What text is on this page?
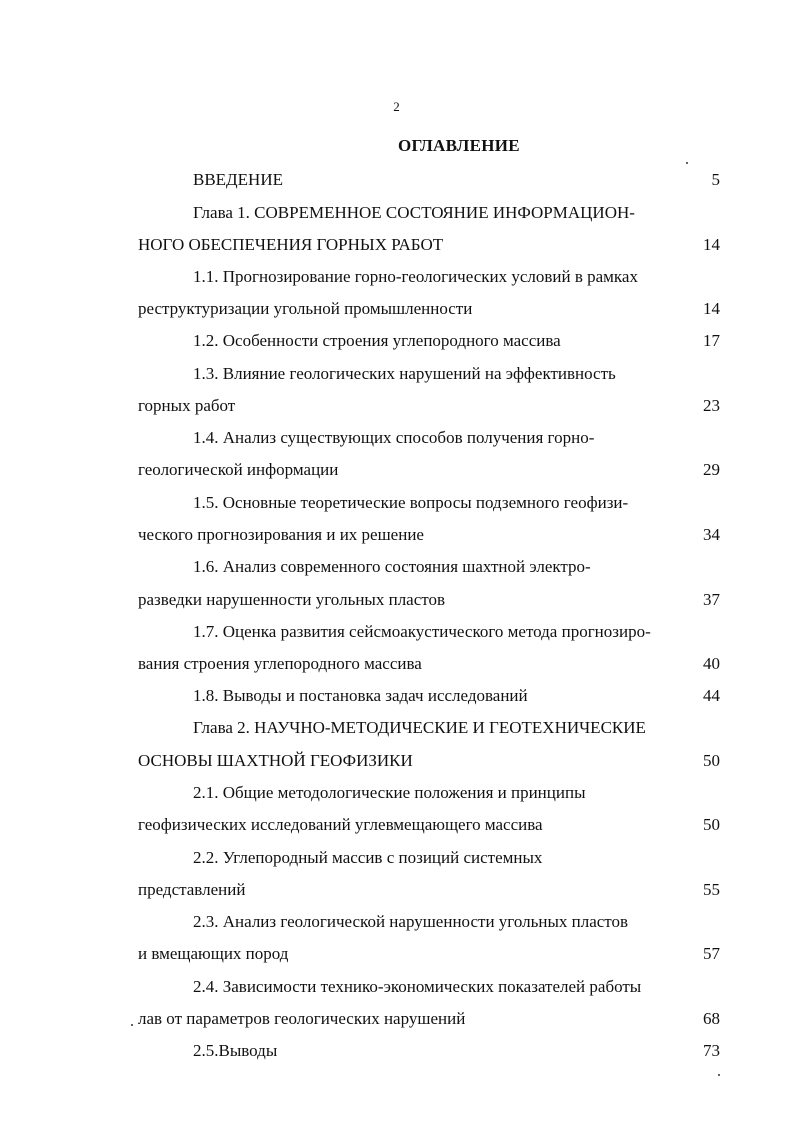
2
ОГЛАВЛЕНИЕ
ВВЕДЕНИЕ	5
Глава 1. СОВРЕМЕННОЕ СОСТОЯНИЕ ИНФОРМАЦИОН-
НОГО ОБЕСПЕЧЕНИЯ ГОРНЫХ РАБОТ	14
1.1. Прогнозирование горно-геологических условий в рамках
реструктуризации угольной промышленности	14
1.2. Особенности строения углепородного массива	17
1.3. Влияние геологических нарушений на эффективность
горных работ	23
1.4. Анализ существующих способов получения горно-
геологической информации	29
1.5. Основные теоретические вопросы подземного геофизи-
ческого прогнозирования и их решение	34
1.6. Анализ современного состояния шахтной электро-
разведки нарушенности угольных пластов	37
1.7. Оценка развития сейсмоакустического метода прогнозиро-
вания строения углепородного массива	40
1.8. Выводы и постановка задач исследований	44
Глава 2. НАУЧНО-МЕТОДИЧЕСКИЕ И ГЕОТЕХНИЧЕСКИЕ
ОСНОВЫ ШАХТНОЙ ГЕОФИЗИКИ	50
2.1. Общие методологические положения и принципы
геофизических исследований углевмещающего массива	50
2.2. Углепородный массив с позиций системных
представлений	55
2.3. Анализ геологической нарушенности угольных пластов
и вмещающих пород	57
2.4. Зависимости технико-экономических показателей работы
лав от параметров геологических нарушений	68
2.5.Выводы	73
